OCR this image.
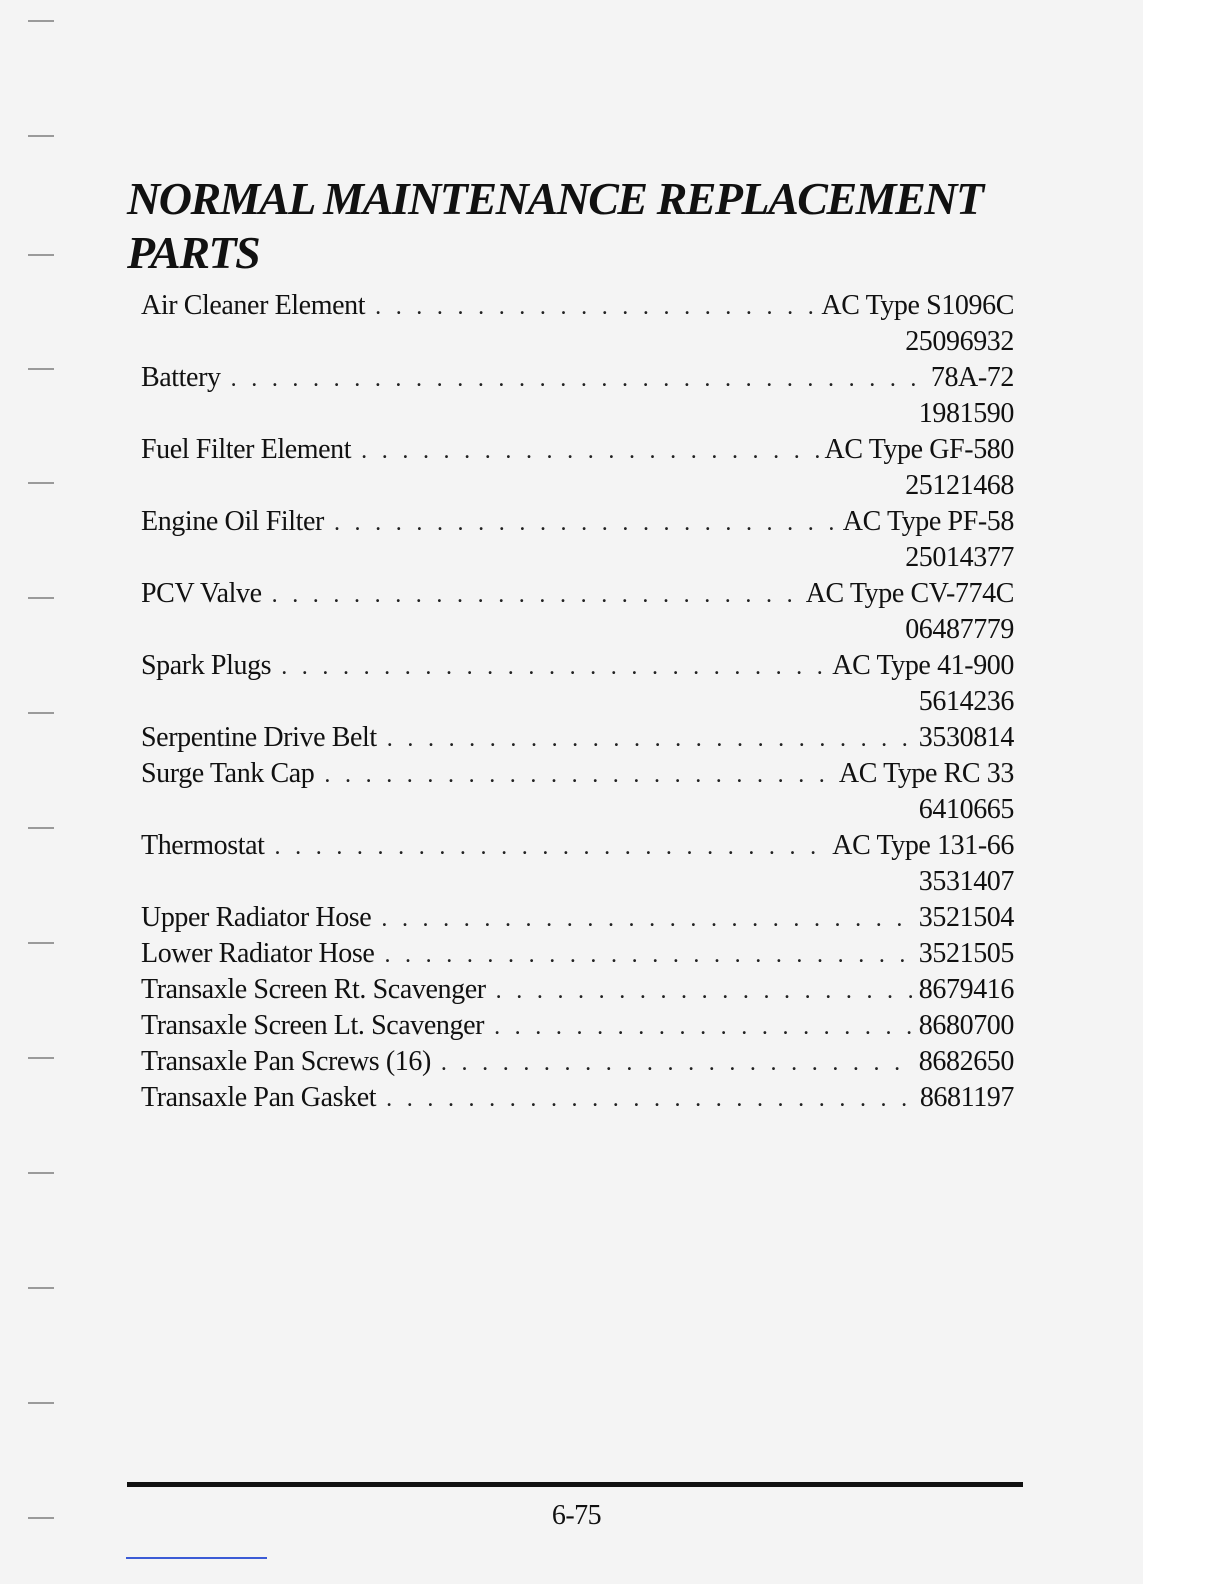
NORMAL MAINTENANCE REPLACEMENT PARTS
Air Cleaner Element . . .	AC Type S1096C
25096932
Battery . . .	78A-72
1981590
Fuel Filter Element . . .	AC Type GF-580
25121468
Engine Oil Filter . . .	AC Type PF-58
25014377
PCV Valve . . .	AC Type CV-774C
06487779
Spark Plugs . . .	AC Type 41-900
5614236
Serpentine Drive Belt . . .	3530814
Surge Tank Cap . . .	AC Type RC 33
6410665
Thermostat . . .	AC Type 131-66
3531407
Upper Radiator Hose . . .	3521504
Lower Radiator Hose . . .	3521505
Transaxle Screen Rt. Scavenger . . .	8679416
Transaxle Screen Lt. Scavenger . . .	8680700
Transaxle Pan Screws (16) . . .	8682650
Transaxle Pan Gasket . . .	8681197
6-75
